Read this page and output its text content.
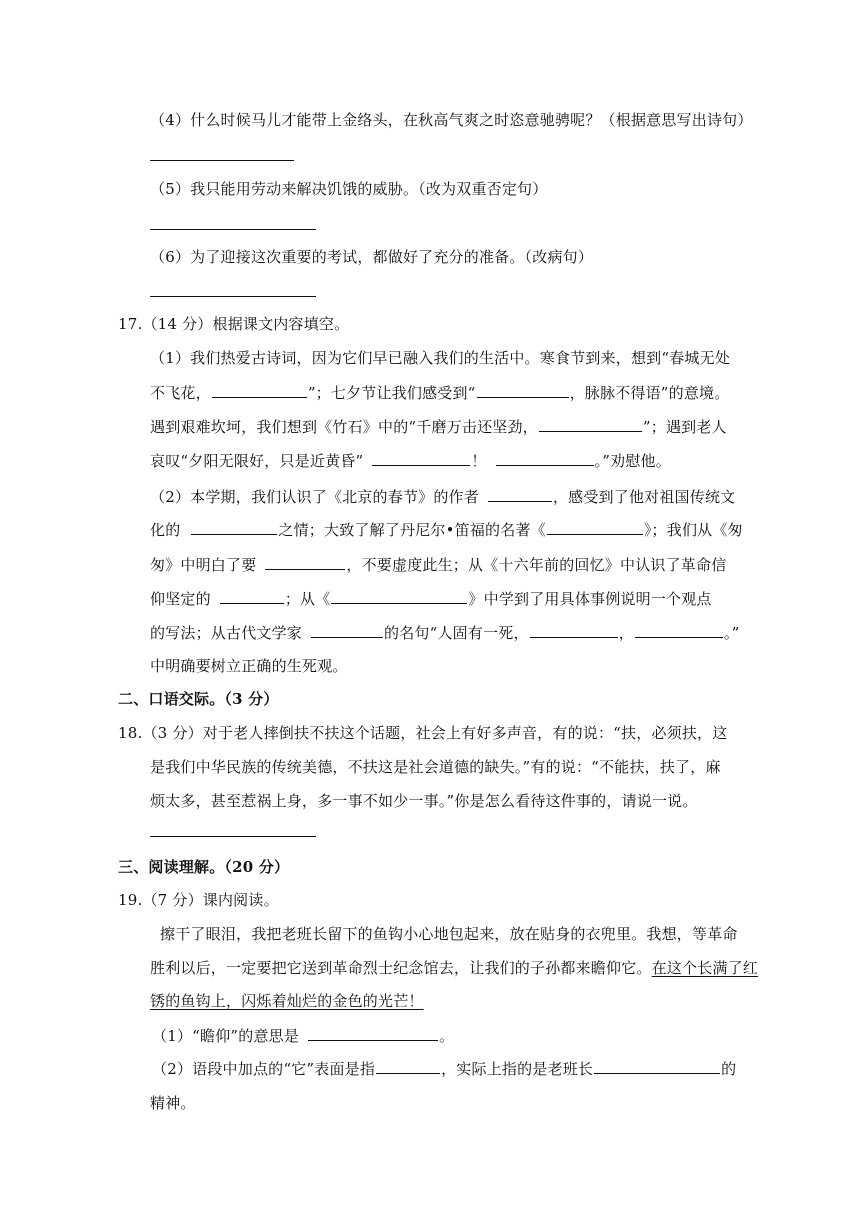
（4）什么时候马儿才能带上金络头，在秋高气爽之时恣意驰骋呢？（根据意思写出诗句）
（5）我只能用劳动来解决饥饿的威胁。（改为双重否定句）
（6）为了迎接这次重要的考试，都做好了充分的准备。（改病句）
17.（14 分）根据课文内容填空。
（1）我们热爱古诗词，因为它们早已融入我们的生活中。寒食节到来，想到“春城无处
不飞花，	”；七夕节让我们感受到“	，脉脉不得语”的意境。
遇到艰难坎坷，我们想到《竹石》中的“千磨万击还坚劲，	”；遇到老人
哀叹“夕阳无限好，只是近黄昏”	！	。”劝慰他。
（2）本学期，我们认识了《北京的春节》的作者	，感受到了他对祖国传统文
化的	之情；大致了解了丹尼尔•笛福的名著《	》；我们从《匆
匆》中明白了要	，不要虚度此生；从《十六年前的回忆》中认识了革命信
仰坚定的	；从《	》中学到了用具体事例说明一个观点
的写法；从古代文学家	的名句“人固有一死，	，	。”
中明确要树立正确的生死观。
二、口语交际。（3 分）
18.（3 分）对于老人摔倒扶不扶这个话题，社会上有好多声音，有的说：“扶，必须扶，这
是我们中华民族的传统美德，不扶这是社会道德的缺失。”有的说：“不能扶，扶了，麻
烦太多，甚至惹祸上身，多一事不如少一事。”你是怎么看待这件事的，请说一说。
三、阅读理解。（20 分）
19.（7 分）课内阅读。
擦干了眼泪，我把老班长留下的鱼钩小心地包起来，放在贴身的衣兜里。我想，等革命
胜利以后，一定要把它送到革命烈士纪念馆去，让我们的子孙都来瞻仰它。在这个长满了红
锈的鱼钩上，闪烁着灿烂的金色的光芒！
（1）“瞻仰”的意思是	。
（2）语段中加点的“它”表面是指	，实际上指的是老班长	的
精神。
